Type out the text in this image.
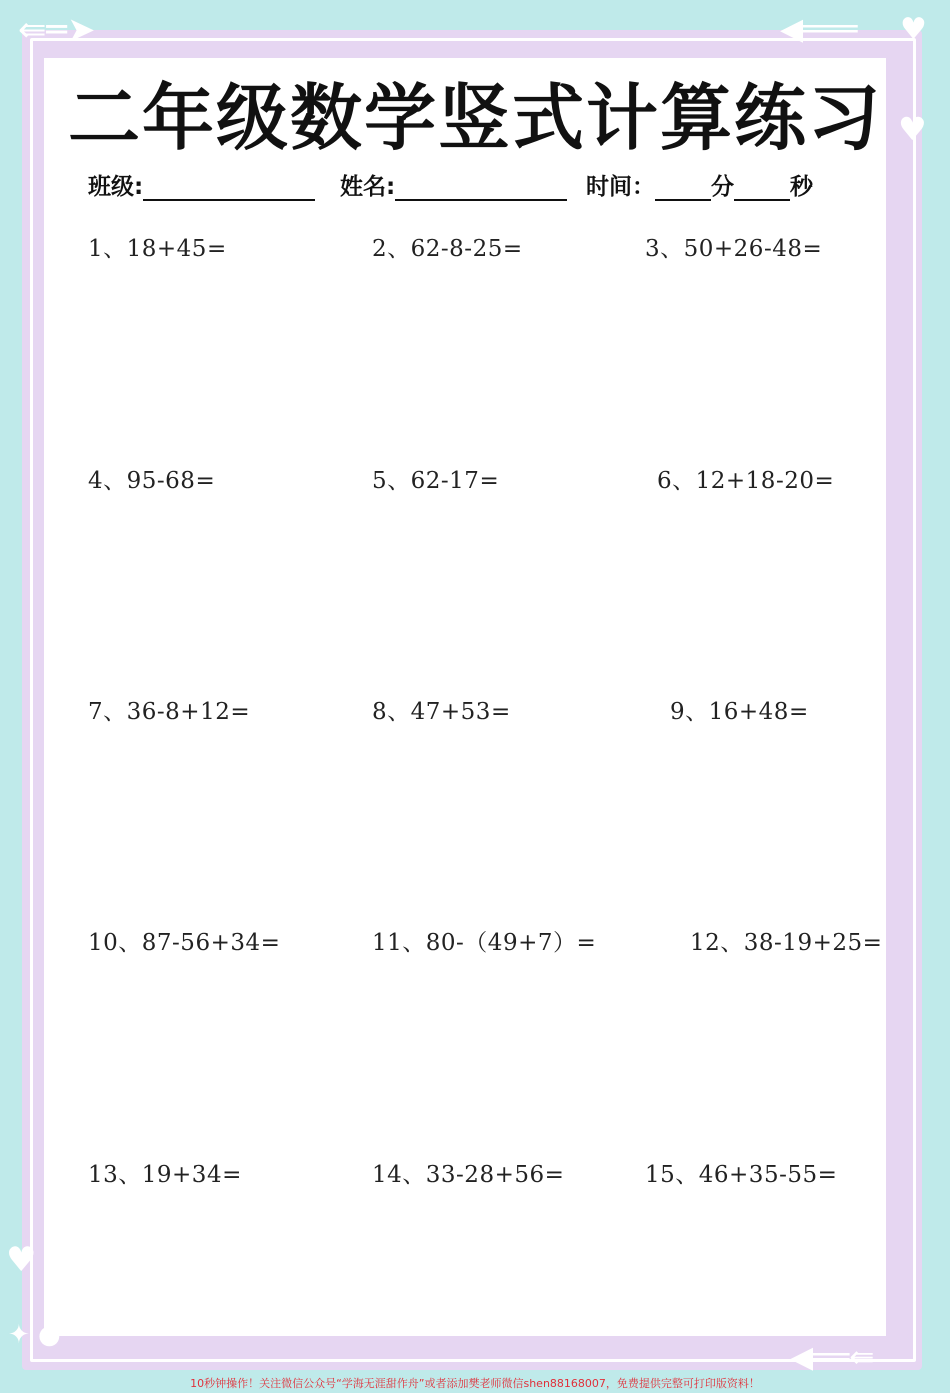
⇚═➤	◀═══ ♥
♥
♥
✦ ●
◀══⇚
二年级数学竖式计算练习
班级:	姓名:	时间： 分 秒
1、18+45=	2、62-8-25=	3、50+26-48=
4、95-68=	5、62-17=	6、12+18-20=
7、36-8+12=	8、47+53=	9、16+48=
10、87-56+34=	11、80-（49+7）=	12、38-19+25=
13、19+34=	14、33-28+56=	15、46+35-55=
10秒钟操作！关注微信公众号“学海无涯甜作舟”或者添加樊老师微信shen88168007，免费提供完整可打印版资料！
